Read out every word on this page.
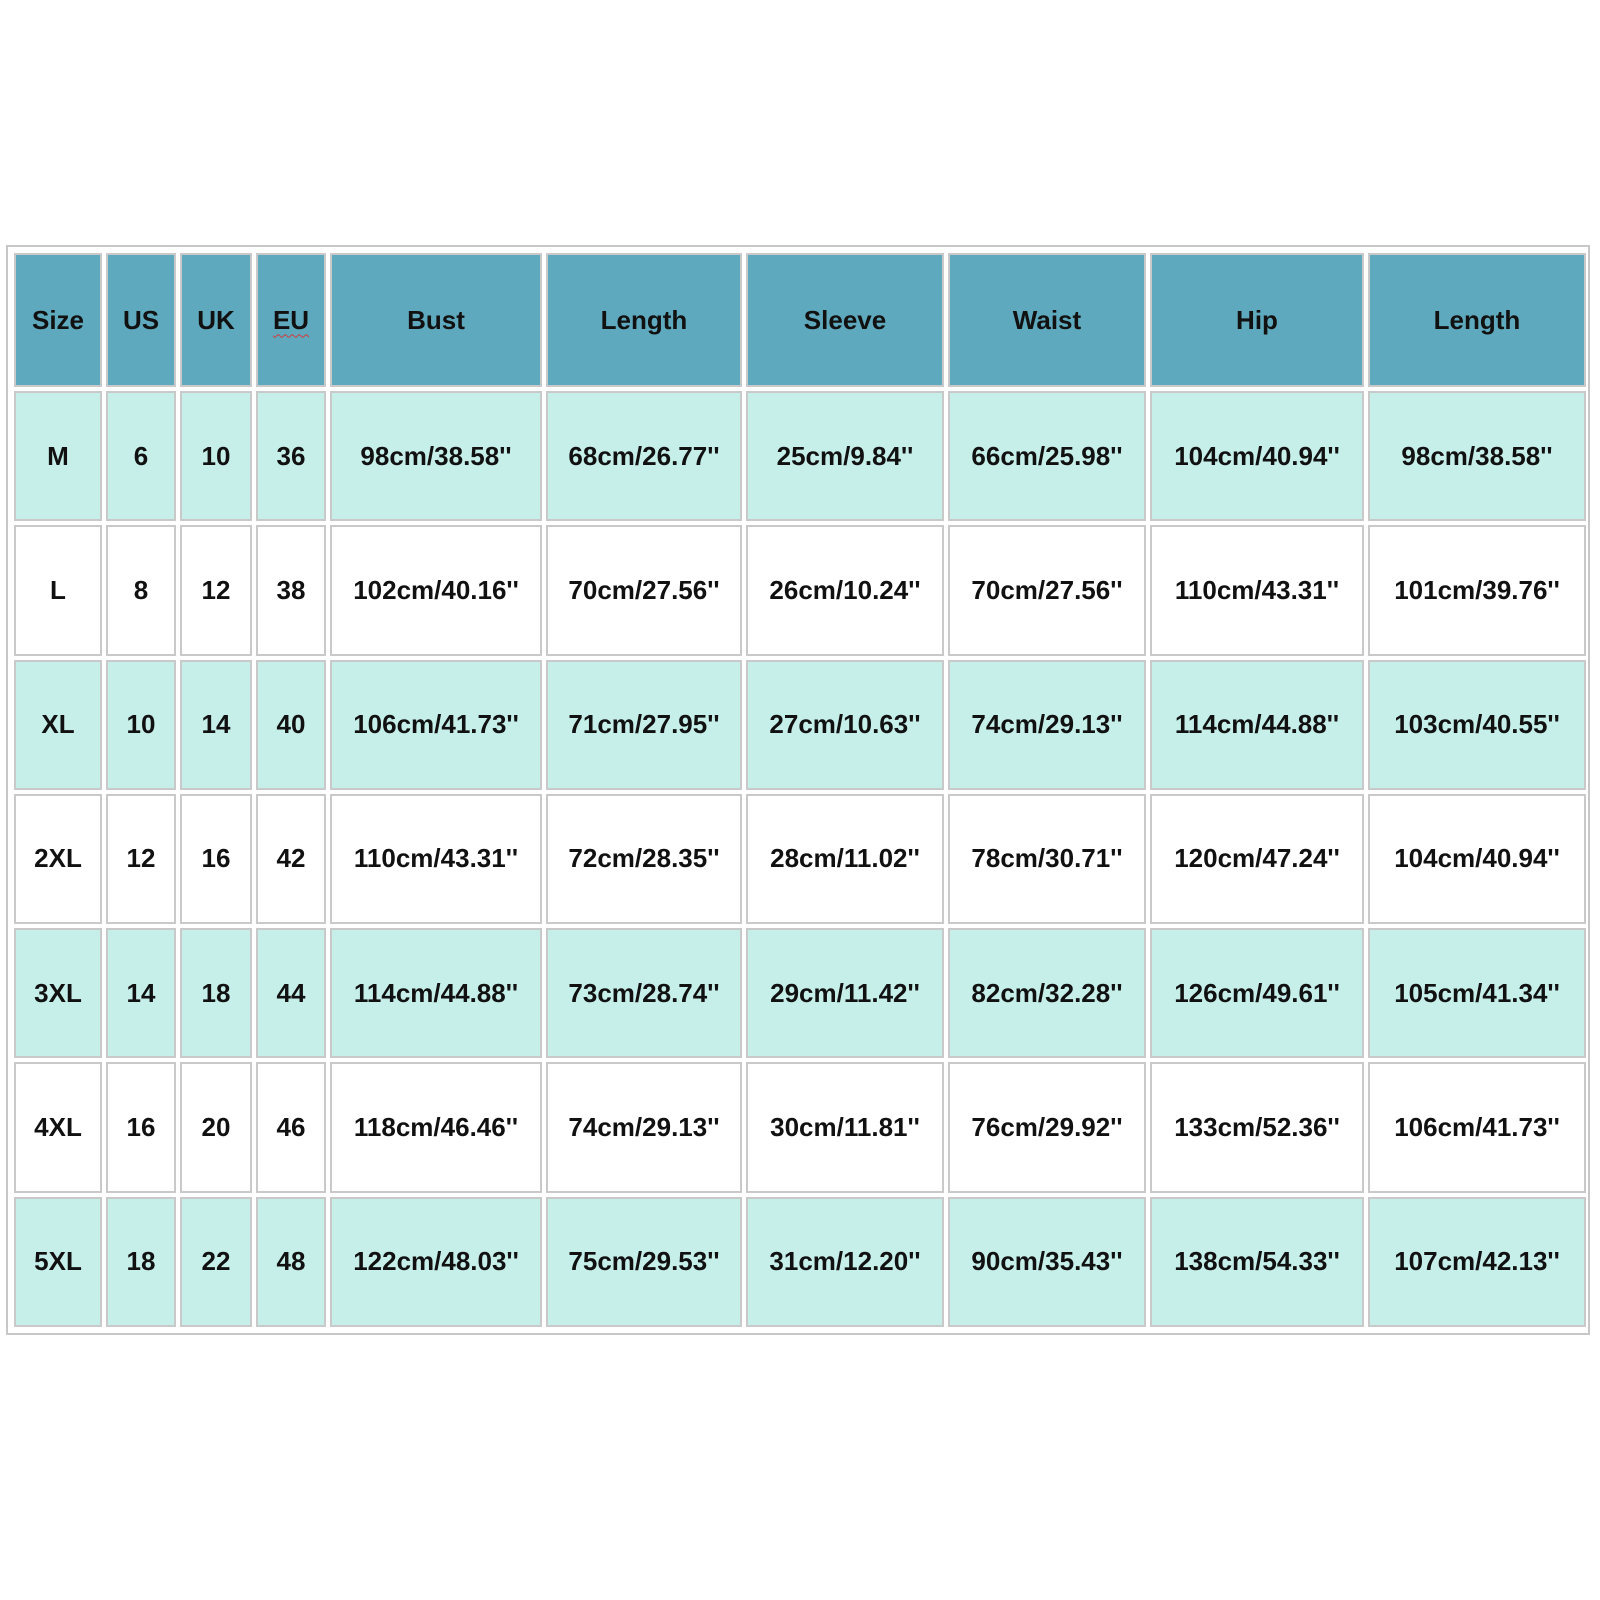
Size	US	UK	EU	Bust	Length	Sleeve	Waist	Hip	Length
M	6	10	36	98cm/38.58''	68cm/26.77''	25cm/9.84''	66cm/25.98''	104cm/40.94''	98cm/38.58''
L	8	12	38	102cm/40.16''	70cm/27.56''	26cm/10.24''	70cm/27.56''	110cm/43.31''	101cm/39.76''
XL	10	14	40	106cm/41.73''	71cm/27.95''	27cm/10.63''	74cm/29.13''	114cm/44.88''	103cm/40.55''
2XL	12	16	42	110cm/43.31''	72cm/28.35''	28cm/11.02''	78cm/30.71''	120cm/47.24''	104cm/40.94''
3XL	14	18	44	114cm/44.88''	73cm/28.74''	29cm/11.42''	82cm/32.28''	126cm/49.61''	105cm/41.34''
4XL	16	20	46	118cm/46.46''	74cm/29.13''	30cm/11.81''	76cm/29.92''	133cm/52.36''	106cm/41.73''
5XL	18	22	48	122cm/48.03''	75cm/29.53''	31cm/12.20''	90cm/35.43''	138cm/54.33''	107cm/42.13''
